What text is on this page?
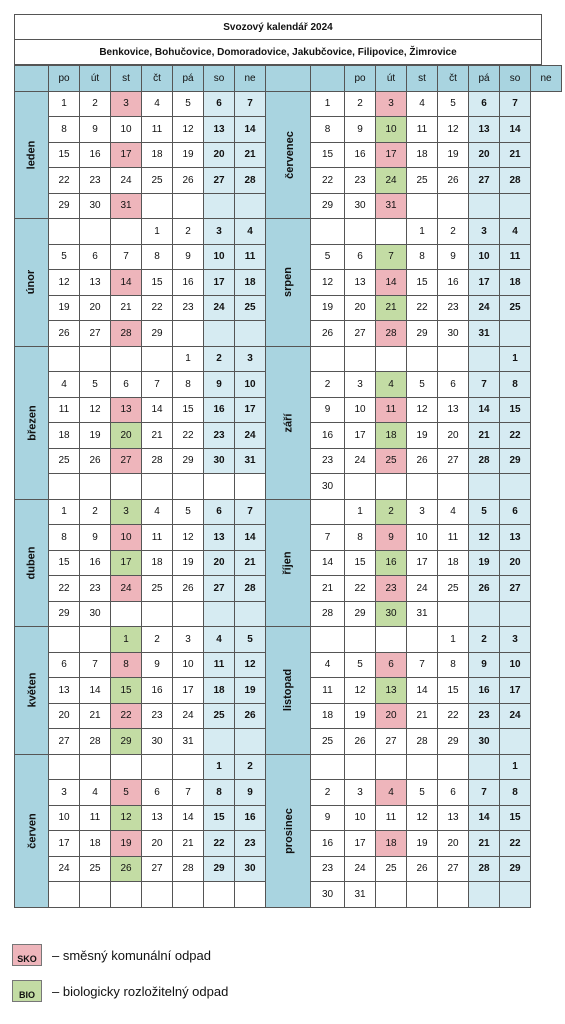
Svozový kalendář 2024
Benkovice, Bohučovice, Domoradovice, Jakubčovice, Filipovice, Žimrovice
	po	út	st	čt	pá	so	ne			po	út	st	čt	pá	so	ne
leden	1	2	3	4	5	6	7	červenec	1	2	3	4	5	6	7	
	8	9	10	11	12	13	14		8	9	10	11	12	13	14	
	15	16	17	18	19	20	21		15	16	17	18	19	20	21	
	22	23	24	25	26	27	28		22	23	24	25	26	27	28	
	29	30	31						29	30	31					
únor				1	2	3	4	srpen				1	2	3	4	
	5	6	7	8	9	10	11		5	6	7	8	9	10	11	
	12	13	14	15	16	17	18		12	13	14	15	16	17	18	
	19	20	21	22	23	24	25		19	20	21	22	23	24	25	
	26	27	28	29					26	27	28	29	30	31		
březen					1	2	3	září							1	
	4	5	6	7	8	9	10		2	3	4	5	6	7	8	
	11	12	13	14	15	16	17		9	10	11	12	13	14	15	
	18	19	20	21	22	23	24		16	17	18	19	20	21	22	
	25	26	27	28	29	30	31		23	24	25	26	27	28	29	
									30							
duben	1	2	3	4	5	6	7	říjen		1	2	3	4	5	6	
	8	9	10	11	12	13	14		7	8	9	10	11	12	13	
	15	16	17	18	19	20	21		14	15	16	17	18	19	20	
	22	23	24	25	26	27	28		21	22	23	24	25	26	27	
	29	30							28	29	30	31				
květen			1	2	3	4	5	listopad					1	2	3	
	6	7	8	9	10	11	12		4	5	6	7	8	9	10	
	13	14	15	16	17	18	19		11	12	13	14	15	16	17	
	20	21	22	23	24	25	26		18	19	20	21	22	23	24	
	27	28	29	30	31				25	26	27	28	29	30		
červen						1	2	prosinec							1	
	3	4	5	6	7	8	9		2	3	4	5	6	7	8	
	10	11	12	13	14	15	16		9	10	11	12	13	14	15	
	17	18	19	20	21	22	23		16	17	18	19	20	21	22	
	24	25	26	27	28	29	30		23	24	25	26	27	28	29	
									30	31						
SKO	– směsný komunální odpad
BIO	– biologicky rozložitelný odpad
